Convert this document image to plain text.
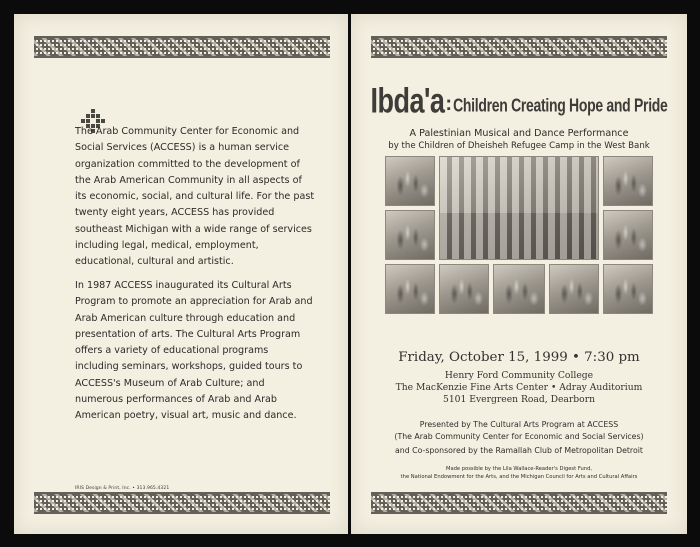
The Arab Community Center for Economic and Social Services (ACCESS) is a human service organization committed to the development of the Arab American Community in all aspects of its economic, social, and cultural life. For the past twenty eight years, ACCESS has provided southeast Michigan with a wide range of services including legal, medical, employment, educational, cultural and artistic.

In 1987 ACCESS inaugurated its Cultural Arts Program to promote an appreciation for Arab and Arab American culture through education and presentation of arts. The Cultural Arts Program offers a variety of educational programs including seminars, workshops, guided tours to ACCESS's Museum of Arab Culture; and numerous performances of Arab and Arab American poetry, visual art, music and dance.

IRIS Design & Print, Inc. • 313.965.4321
Ibda'a:Children Creating Hope and Pride
A Palestinian Musical and Dance Performance
by the Children of Dheisheh Refugee Camp in the West Bank
Friday, October 15, 1999 • 7:30 pm
Henry Ford Community College
The MacKenzie Fine Arts Center • Adray Auditorium
5101 Evergreen Road, Dearborn
Presented by The Cultural Arts Program at ACCESS
(The Arab Community Center for Economic and Social Services)
and Co-sponsored by the Ramallah Club of Metropolitan Detroit
Made possible by the Lila Wallace-Reader's Digest Fund,
the National Endowment for the Arts, and the Michigan Council for Arts and Cultural Affairs
